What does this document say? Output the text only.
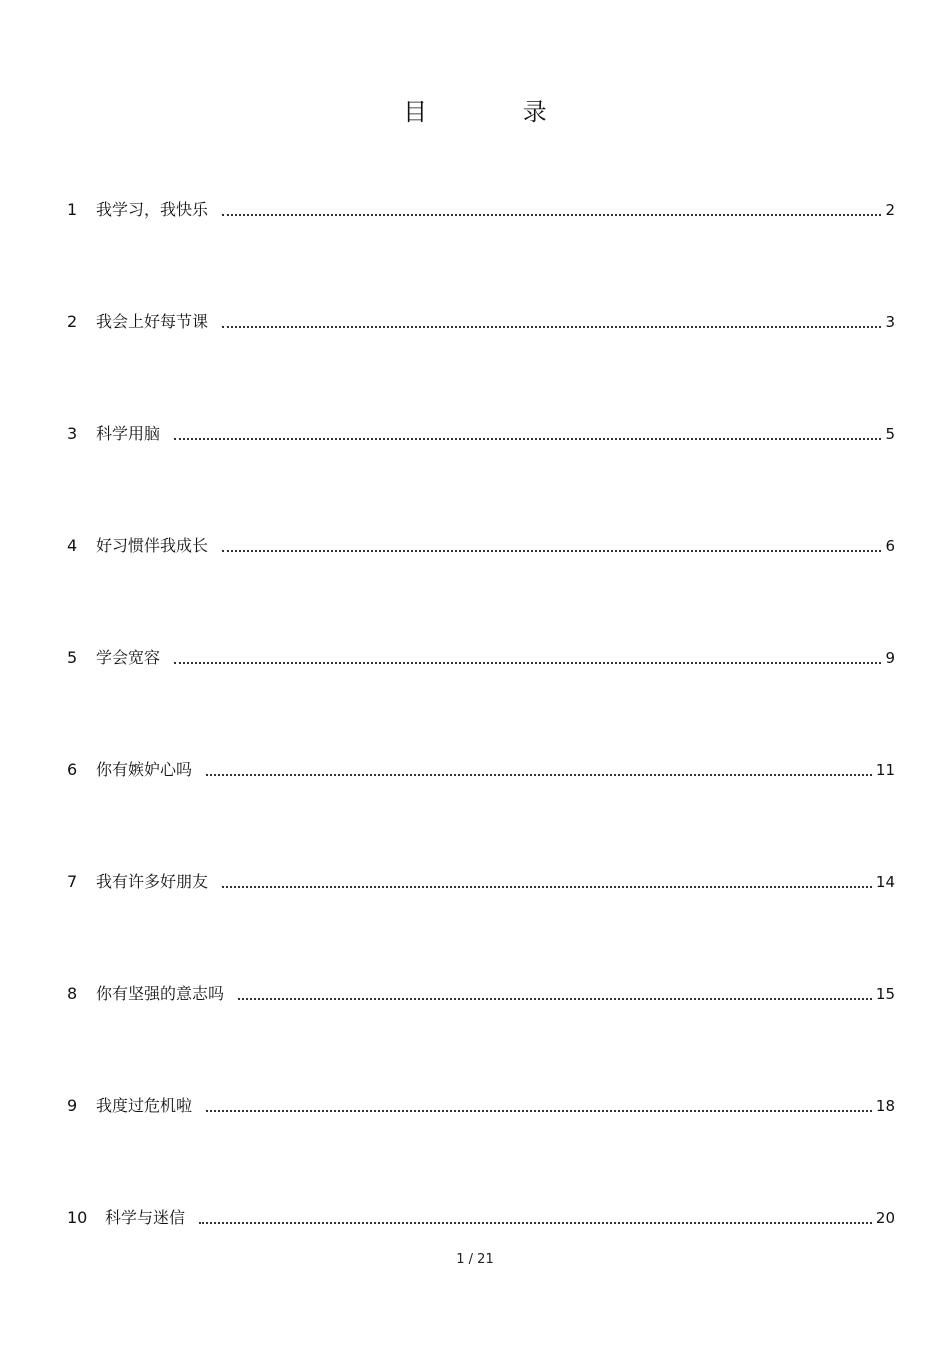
目 录
1	我学习，我快乐	2
2	我会上好每节课	3
3	科学用脑	5
4	好习惯伴我成长	6
5	学会宽容	9
6	你有嫉妒心吗	11
7	我有许多好朋友	14
8	你有坚强的意志吗	15
9	我度过危机啦	18
10	科学与迷信	20
1 / 21
